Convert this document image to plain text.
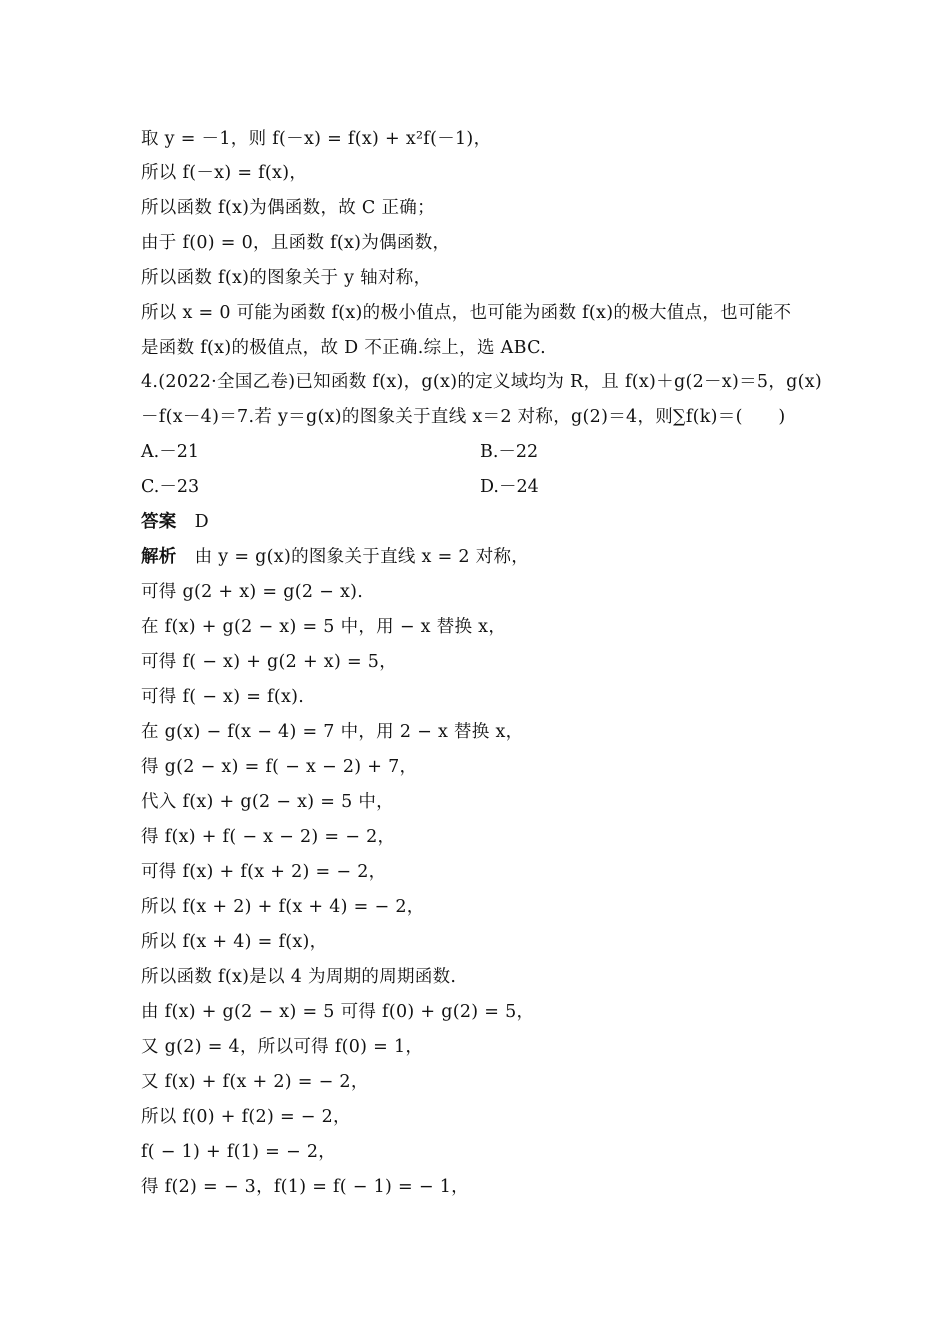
取 y = －1，则 f(－x) = f(x) + x²f(－1)，
所以 f(－x) = f(x)，
所以函数 f(x)为偶函数，故 C 正确；
由于 f(0) = 0，且函数 f(x)为偶函数，
所以函数 f(x)的图象关于 y 轴对称，
所以 x = 0 可能为函数 f(x)的极小值点，也可能为函数 f(x)的极大值点，也可能不
是函数 f(x)的极值点，故 D 不正确.综上，选 ABC.
4.(2022·全国乙卷)已知函数 f(x)，g(x)的定义域均为 R，且 f(x)＋g(2－x)＝5，g(x)
－f(x－4)＝7.若 y＝g(x)的图象关于直线 x＝2 对称，g(2)＝4，则∑f(k)＝(　　)
A.－21	B.－22
C.－23	D.－24
答案 D
解析 由 y = g(x)的图象关于直线 x = 2 对称，
可得 g(2 + x) = g(2 − x).
在 f(x) + g(2 − x) = 5 中，用 − x 替换 x，
可得 f( − x) + g(2 + x) = 5，
可得 f( − x) = f(x).
在 g(x) − f(x − 4) = 7 中，用 2 − x 替换 x，
得 g(2 − x) = f( − x − 2) + 7，
代入 f(x) + g(2 − x) = 5 中，
得 f(x) + f( − x − 2) = − 2，
可得 f(x) + f(x + 2) = − 2，
所以 f(x + 2) + f(x + 4) = − 2，
所以 f(x + 4) = f(x)，
所以函数 f(x)是以 4 为周期的周期函数.
由 f(x) + g(2 − x) = 5 可得 f(0) + g(2) = 5，
又 g(2) = 4，所以可得 f(0) = 1，
又 f(x) + f(x + 2) = − 2，
所以 f(0) + f(2) = − 2，
f( − 1) + f(1) = − 2，
得 f(2) = − 3，f(1) = f( − 1) = − 1，
